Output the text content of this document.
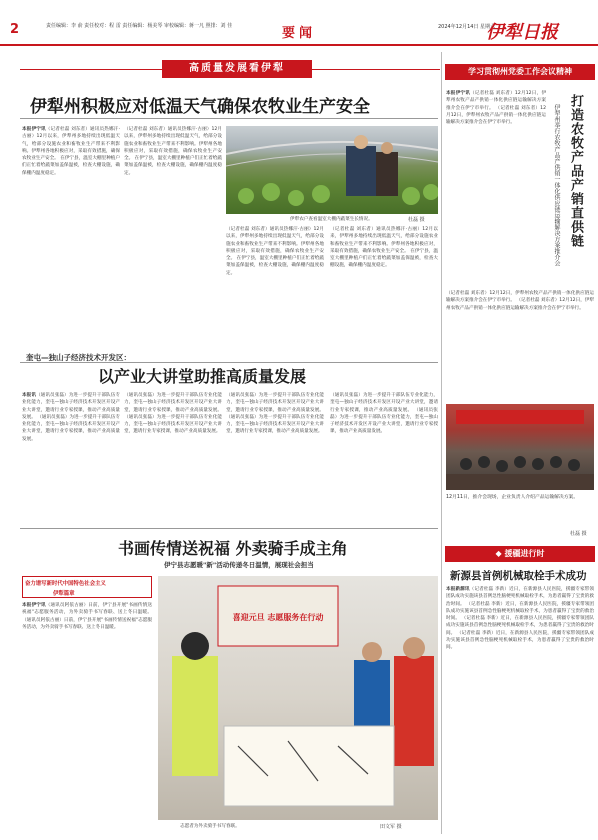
2	责任编辑：李 俞 责任校对：程 雷 责任编辑：杨美琴 审校编辑：蒋一凡 照排：刘 佳	要闻	2024年12月14日 星期六
伊犁日报
高质量发展看伊犁
伊犁州积极应对低温天气确保农牧业生产安全
本报伊宁讯（记者杜磊 刘东者）通讯员热娜汗·古丽）12月以来，伊犁州多地持续出现低温天气，给部分设施农业和畜牧业生产带来不利影响。伊犁州各地积极应对，采取有效措施，确保农牧业生产安全。 在伊宁县，温室大棚里种植户们正忙着给蔬菜加盖保温被，检查大棚设施，确保棚内温度稳定。
（记者杜磊 刘东者）通讯员热娜汗·古丽）12月以来，伊犁州多地持续出现低温天气，给部分设施农业和畜牧业生产带来不利影响。伊犁州各地积极应对，采取有效措施，确保农牧业生产安全。 在伊宁县，温室大棚里种植户们正忙着给蔬菜加盖保温被，检查大棚设施，确保棚内温度稳定。
（记者杜磊 刘东者）通讯员热娜汗·古丽）12月以来，伊犁州多地持续出现低温天气，给部分设施农业和畜牧业生产带来不利影响。伊犁州各地积极应对，采取有效措施，确保农牧业生产安全。 在伊宁县，温室大棚里种植户们正忙着给蔬菜加盖保温被，检查大棚设施，确保棚内温度稳定。
（记者杜磊 刘东者）通讯员热娜汗·古丽）12月以来，伊犁州多地持续出现低温天气，给部分设施农业和畜牧业生产带来不利影响。伊犁州各地积极应对，采取有效措施，确保农牧业生产安全。 在伊宁县，温室大棚里种植户们正忙着给蔬菜加盖保温被，检查大棚设施，确保棚内温度稳定。
伊犁农户查看温室大棚内蔬菜生长情况。	杜磊 摄
奎屯—独山子经济技术开发区：
以产业大讲堂助推高质量发展
本报讯（通讯员张磊）为进一步提升干部队伍专业化能力，奎屯—独山子经济技术开发区开设产业大讲堂，邀请行业专家授课，推动产业高质量发展。 （通讯员张磊）为进一步提升干部队伍专业化能力，奎屯—独山子经济技术开发区开设产业大讲堂，邀请行业专家授课，推动产业高质量发展。
（通讯员张磊）为进一步提升干部队伍专业化能力，奎屯—独山子经济技术开发区开设产业大讲堂，邀请行业专家授课，推动产业高质量发展。 （通讯员张磊）为进一步提升干部队伍专业化能力，奎屯—独山子经济技术开发区开设产业大讲堂，邀请行业专家授课，推动产业高质量发展。
（通讯员张磊）为进一步提升干部队伍专业化能力，奎屯—独山子经济技术开发区开设产业大讲堂，邀请行业专家授课，推动产业高质量发展。 （通讯员张磊）为进一步提升干部队伍专业化能力，奎屯—独山子经济技术开发区开设产业大讲堂，邀请行业专家授课，推动产业高质量发展。
（通讯员张磊）为进一步提升干部队伍专业化能力，奎屯—独山子经济技术开发区开设产业大讲堂，邀请行业专家授课，推动产业高质量发展。 （通讯员张磊）为进一步提升干部队伍专业化能力，奎屯—独山子经济技术开发区开设产业大讲堂，邀请行业专家授课，推动产业高质量发展。
书画传情送祝福 外卖骑手成主角
伊宁县志愿暖"新"活动传递冬日温情，展现社会担当
奋力谱写新时代中国特色社会主义
伊犁篇章
本报伊宁讯（通讯员阿依古丽）日前，伊宁县开展"书画传情送祝福"志愿服务活动，为外卖骑手书写春联、送上冬日温暖。 （通讯员阿依古丽）日前，伊宁县开展"书画传情送祝福"志愿服务活动，为外卖骑手书写春联、送上冬日温暖。
喜迎元旦 志愿服务在行动
志愿者为外卖骑手书写春联。	田文军 摄
学习贯彻州党委工作会议精神
打造农牧产品产销直供链
伊犁州举行农牧产品产供销一体化供应链运输解决方案推介会
本报伊宁讯（记者杜磊 刘东者）12月12日，伊犁州农牧产品产供销一体化供应链运输解决方案推介会在伊宁市举行。 （记者杜磊 刘东者）12月12日，伊犁州农牧产品产供销一体化供应链运输解决方案推介会在伊宁市举行。
（记者杜磊 刘东者）12月12日，伊犁州农牧产品产供销一体化供应链运输解决方案推介会在伊宁市举行。 （记者杜磊 刘东者）12月12日，伊犁州农牧产品产供销一体化供应链运输解决方案推介会在伊宁市举行。
12月11日，推介会现场，企业负责人介绍产品运输解决方案。
杜磊 摄
◆ 援疆进行时
新源县首例机械取栓手术成功
本报新源讯（记者杜磊 李新）近日，在新源县人民医院，援疆专家带领团队成功实施该县首例急性脑梗死机械取栓手术，为患者赢得了宝贵的救治时间。 （记者杜磊 李新）近日，在新源县人民医院，援疆专家带领团队成功实施该县首例急性脑梗死机械取栓手术，为患者赢得了宝贵的救治时间。 （记者杜磊 李新）近日，在新源县人民医院，援疆专家带领团队成功实施该县首例急性脑梗死机械取栓手术，为患者赢得了宝贵的救治时间。 （记者杜磊 李新）近日，在新源县人民医院，援疆专家带领团队成功实施该县首例急性脑梗死机械取栓手术，为患者赢得了宝贵的救治时间。
